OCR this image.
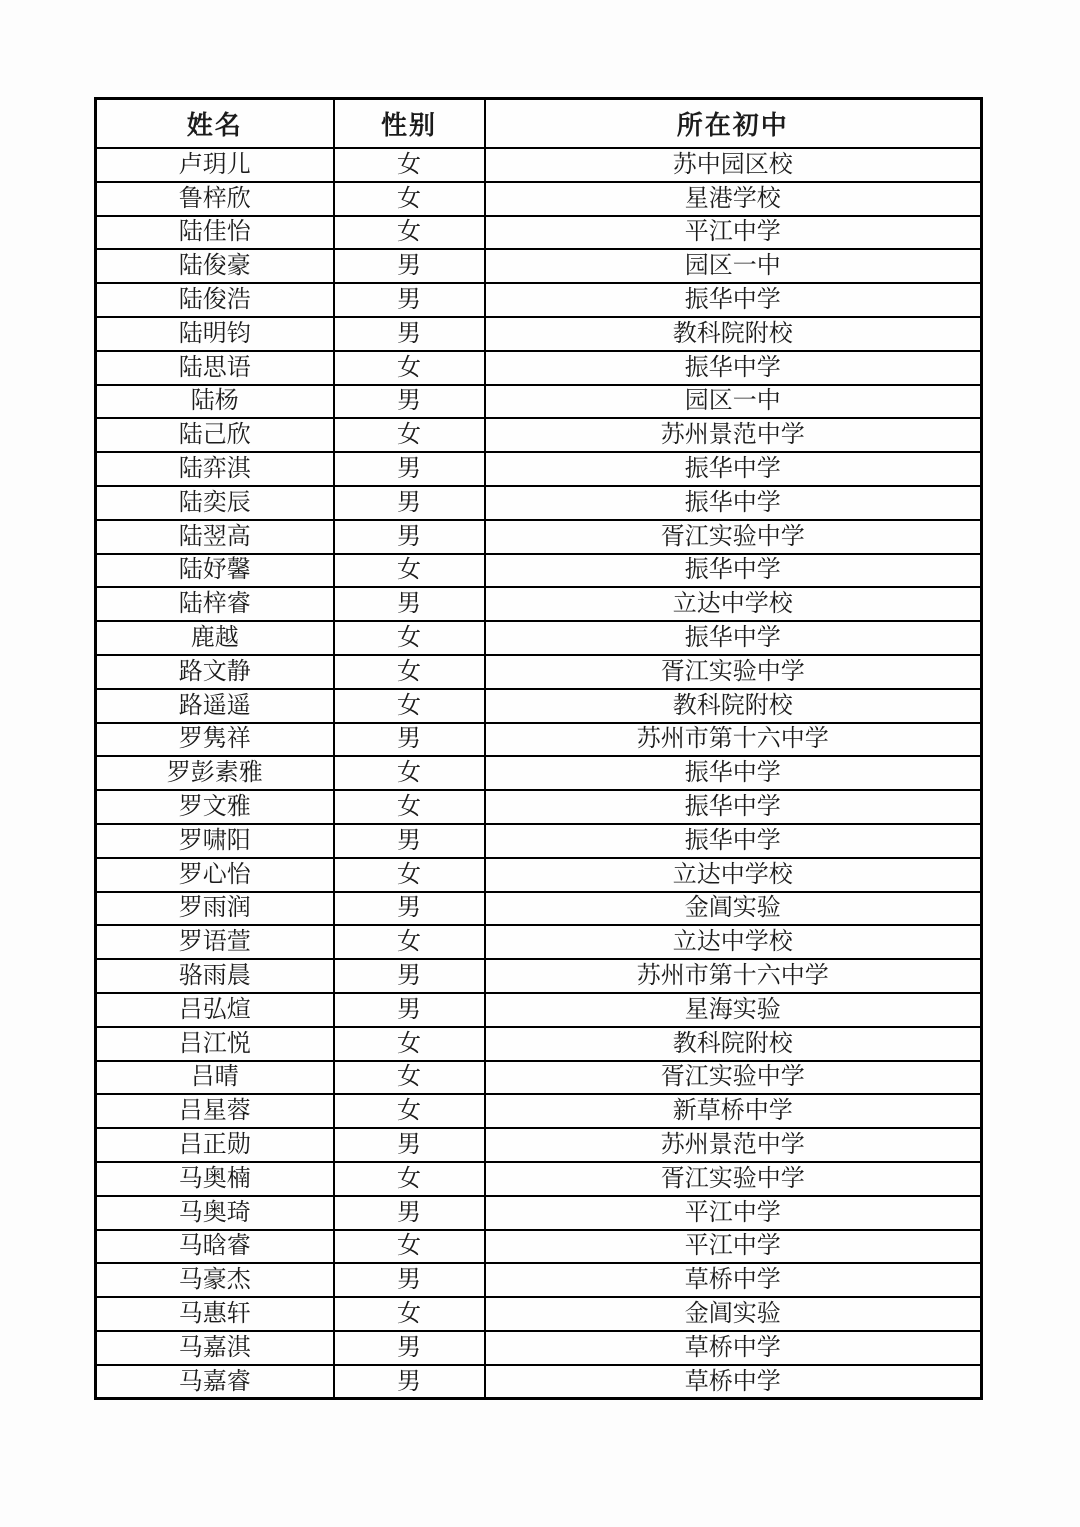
姓名	性别	所在初中
卢玥儿	女	苏中园区校
鲁梓欣	女	星港学校
陆佳怡	女	平江中学
陆俊豪	男	园区一中
陆俊浩	男	振华中学
陆明钧	男	教科院附校
陆思语	女	振华中学
陆杨	男	园区一中
陆己欣	女	苏州景范中学
陆弈淇	男	振华中学
陆奕辰	男	振华中学
陆翌高	男	胥江实验中学
陆妤馨	女	振华中学
陆梓睿	男	立达中学校
鹿越	女	振华中学
路文静	女	胥江实验中学
路遥遥	女	教科院附校
罗隽祥	男	苏州市第十六中学
罗彭素雅	女	振华中学
罗文雅	女	振华中学
罗啸阳	男	振华中学
罗心怡	女	立达中学校
罗雨润	男	金阊实验
罗语萱	女	立达中学校
骆雨晨	男	苏州市第十六中学
吕弘煊	男	星海实验
吕江悦	女	教科院附校
吕晴	女	胥江实验中学
吕星蓉	女	新草桥中学
吕正勋	男	苏州景范中学
马奥楠	女	胥江实验中学
马奥琦	男	平江中学
马晗睿	女	平江中学
马豪杰	男	草桥中学
马惠轩	女	金阊实验
马嘉淇	男	草桥中学
马嘉睿	男	草桥中学
